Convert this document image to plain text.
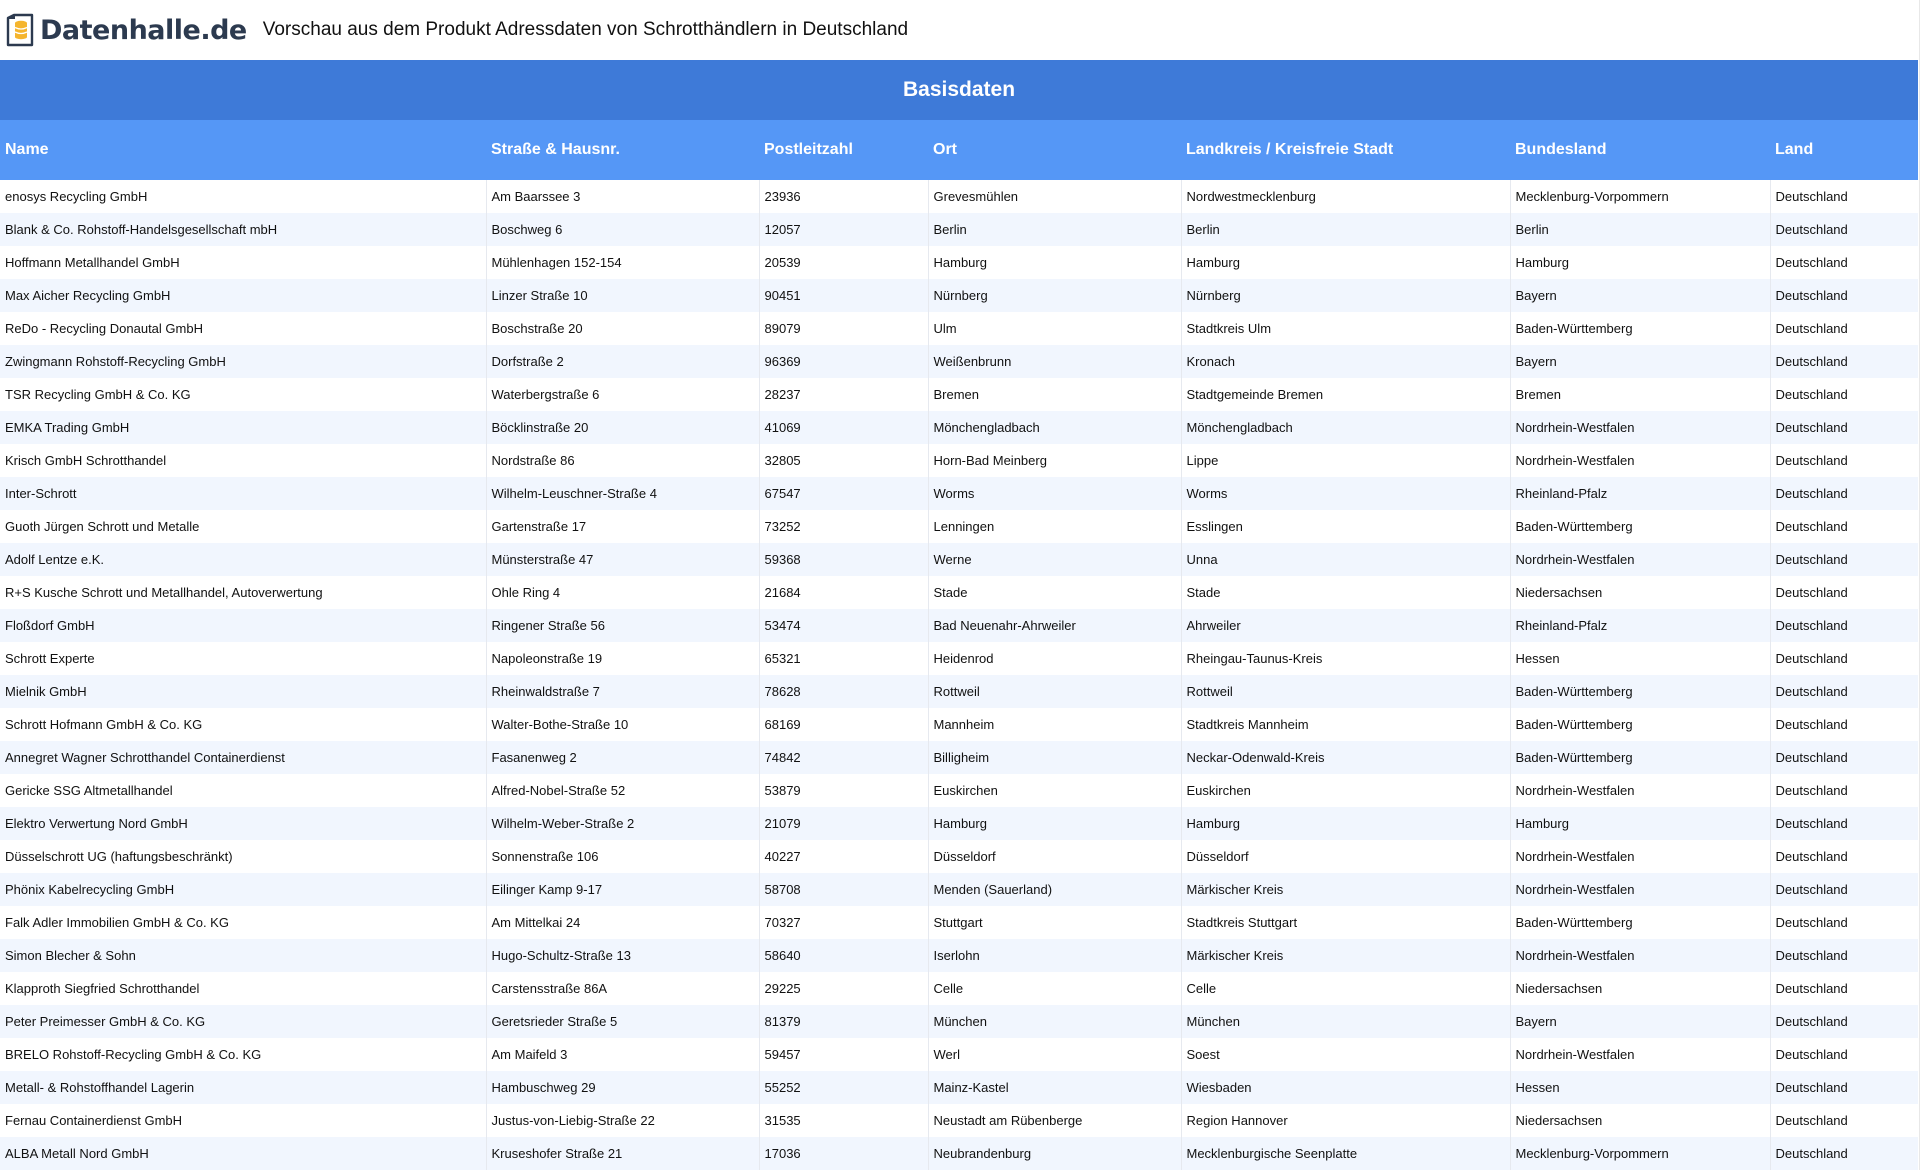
Datenhalle.de Vorschau aus dem Produkt Adressdaten von Schrotthändlern in Deutschland
Basisdaten						
Name	Straße & Hausnr.	Postleitzahl	Ort	Landkreis / Kreisfreie Stadt	Bundesland	Land
enosys Recycling GmbH	Am Baarssee 3	23936	Grevesmühlen	Nordwestmecklenburg	Mecklenburg-Vorpommern	Deutschland
Blank & Co. Rohstoff-Handelsgesellschaft mbH	Boschweg 6	12057	Berlin	Berlin	Berlin	Deutschland
Hoffmann Metallhandel GmbH	Mühlenhagen 152-154	20539	Hamburg	Hamburg	Hamburg	Deutschland
Max Aicher Recycling GmbH	Linzer Straße 10	90451	Nürnberg	Nürnberg	Bayern	Deutschland
ReDo - Recycling Donautal GmbH	Boschstraße 20	89079	Ulm	Stadtkreis Ulm	Baden-Württemberg	Deutschland
Zwingmann Rohstoff-Recycling GmbH	Dorfstraße 2	96369	Weißenbrunn	Kronach	Bayern	Deutschland
TSR Recycling GmbH & Co. KG	Waterbergstraße 6	28237	Bremen	Stadtgemeinde Bremen	Bremen	Deutschland
EMKA Trading GmbH	Böcklinstraße 20	41069	Mönchengladbach	Mönchengladbach	Nordrhein-Westfalen	Deutschland
Krisch GmbH Schrotthandel	Nordstraße 86	32805	Horn-Bad Meinberg	Lippe	Nordrhein-Westfalen	Deutschland
Inter-Schrott	Wilhelm-Leuschner-Straße 4	67547	Worms	Worms	Rheinland-Pfalz	Deutschland
Guoth Jürgen Schrott und Metalle	Gartenstraße 17	73252	Lenningen	Esslingen	Baden-Württemberg	Deutschland
Adolf Lentze e.K.	Münsterstraße 47	59368	Werne	Unna	Nordrhein-Westfalen	Deutschland
R+S Kusche Schrott und Metallhandel, Autoverwertung	Ohle Ring 4	21684	Stade	Stade	Niedersachsen	Deutschland
Floßdorf GmbH	Ringener Straße 56	53474	Bad Neuenahr-Ahrweiler	Ahrweiler	Rheinland-Pfalz	Deutschland
Schrott Experte	Napoleonstraße 19	65321	Heidenrod	Rheingau-Taunus-Kreis	Hessen	Deutschland
Mielnik GmbH	Rheinwaldstraße 7	78628	Rottweil	Rottweil	Baden-Württemberg	Deutschland
Schrott Hofmann GmbH & Co. KG	Walter-Bothe-Straße 10	68169	Mannheim	Stadtkreis Mannheim	Baden-Württemberg	Deutschland
Annegret Wagner Schrotthandel Containerdienst	Fasanenweg 2	74842	Billigheim	Neckar-Odenwald-Kreis	Baden-Württemberg	Deutschland
Gericke SSG Altmetallhandel	Alfred-Nobel-Straße 52	53879	Euskirchen	Euskirchen	Nordrhein-Westfalen	Deutschland
Elektro Verwertung Nord GmbH	Wilhelm-Weber-Straße 2	21079	Hamburg	Hamburg	Hamburg	Deutschland
Düsselschrott UG (haftungsbeschränkt)	Sonnenstraße 106	40227	Düsseldorf	Düsseldorf	Nordrhein-Westfalen	Deutschland
Phönix Kabelrecycling GmbH	Eilinger Kamp 9-17	58708	Menden (Sauerland)	Märkischer Kreis	Nordrhein-Westfalen	Deutschland
Falk Adler Immobilien GmbH & Co. KG	Am Mittelkai 24	70327	Stuttgart	Stadtkreis Stuttgart	Baden-Württemberg	Deutschland
Simon Blecher & Sohn	Hugo-Schultz-Straße 13	58640	Iserlohn	Märkischer Kreis	Nordrhein-Westfalen	Deutschland
Klapproth Siegfried Schrotthandel	Carstensstraße 86A	29225	Celle	Celle	Niedersachsen	Deutschland
Peter Preimesser GmbH & Co. KG	Geretsrieder Straße 5	81379	München	München	Bayern	Deutschland
BRELO Rohstoff-Recycling GmbH & Co. KG	Am Maifeld 3	59457	Werl	Soest	Nordrhein-Westfalen	Deutschland
Metall- & Rohstoffhandel Lagerin	Hambuschweg 29	55252	Mainz-Kastel	Wiesbaden	Hessen	Deutschland
Fernau Containerdienst GmbH	Justus-von-Liebig-Straße 22	31535	Neustadt am Rübenberge	Region Hannover	Niedersachsen	Deutschland
ALBA Metall Nord GmbH	Kruseshofer Straße 21	17036	Neubrandenburg	Mecklenburgische Seenplatte	Mecklenburg-Vorpommern	Deutschland
